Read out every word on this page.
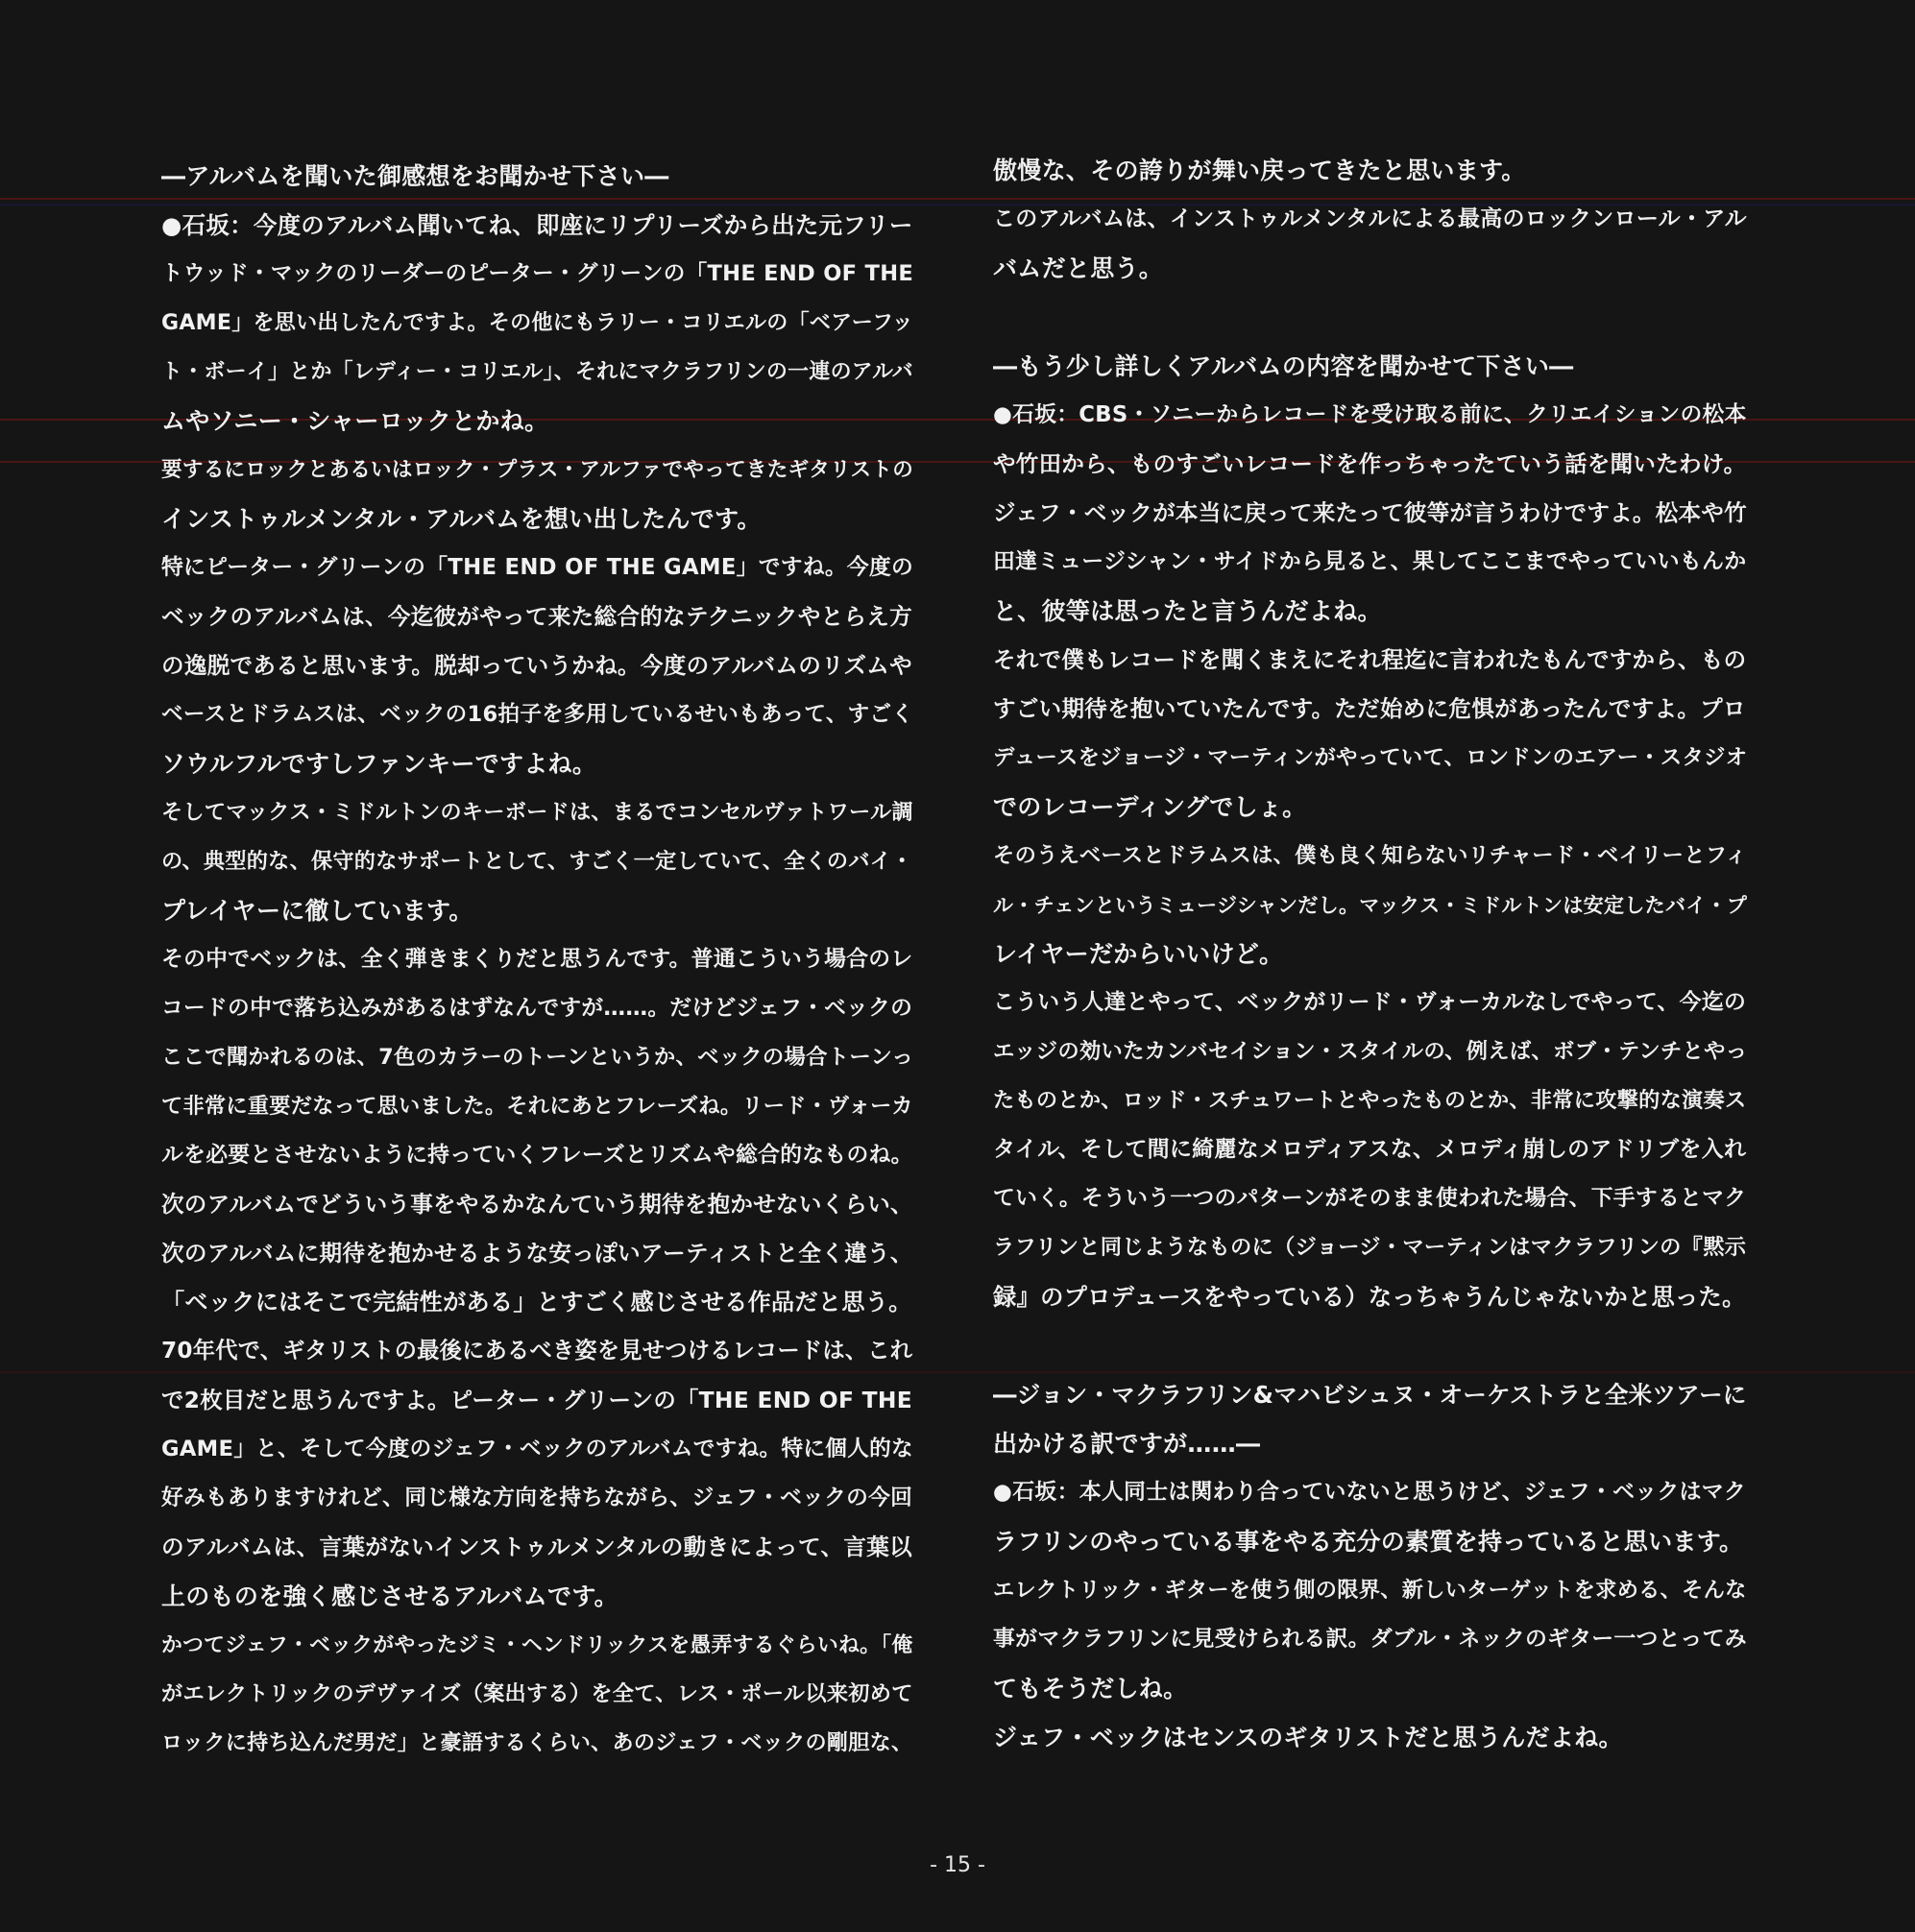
―アルバムを聞いた御感想をお聞かせ下さい―
●石坂：今度のアルバム聞いてね、即座にリプリーズから出た元フリー
トウッド・マックのリーダーのピーター・グリーンの「THE END OF THE
GAME」を思い出したんですよ。その他にもラリー・コリエルの「ベアーフッ
ト・ボーイ」とか「レディー・コリエル」、それにマクラフリンの一連のアルバ
ムやソニー・シャーロックとかね。
要するにロックとあるいはロック・プラス・アルファでやってきたギタリストの
インストゥルメンタル・アルバムを想い出したんです。
特にピーター・グリーンの「THE END OF THE GAME」ですね。今度の
ベックのアルバムは、今迄彼がやって来た総合的なテクニックやとらえ方
の逸脱であると思います。脱却っていうかね。今度のアルバムのリズムや
ベースとドラムスは、ベックの16拍子を多用しているせいもあって、すごく
ソウルフルですしファンキーですよね。
そしてマックス・ミドルトンのキーボードは、まるでコンセルヴァトワール調
の、典型的な、保守的なサポートとして、すごく一定していて、全くのバイ・
プレイヤーに徹しています。
その中でベックは、全く弾きまくりだと思うんです。普通こういう場合のレ
コードの中で落ち込みがあるはずなんですが……。だけどジェフ・ベックの
ここで聞かれるのは、7色のカラーのトーンというか、ベックの場合トーンっ
て非常に重要だなって思いました。それにあとフレーズね。リード・ヴォーカ
ルを必要とさせないように持っていくフレーズとリズムや総合的なものね。
次のアルバムでどういう事をやるかなんていう期待を抱かせないくらい、
次のアルバムに期待を抱かせるような安っぽいアーティストと全く違う、
「ベックにはそこで完結性がある」とすごく感じさせる作品だと思う。
70年代で、ギタリストの最後にあるべき姿を見せつけるレコードは、これ
で2枚目だと思うんですよ。ピーター・グリーンの「THE END OF THE
GAME」と、そして今度のジェフ・ベックのアルバムですね。特に個人的な
好みもありますけれど、同じ様な方向を持ちながら、ジェフ・ベックの今回
のアルバムは、言葉がないインストゥルメンタルの動きによって、言葉以
上のものを強く感じさせるアルバムです。
かつてジェフ・ベックがやったジミ・ヘンドリックスを愚弄するぐらいね。「俺
がエレクトリックのデヴァイズ（案出する）を全て、レス・ポール以来初めて
ロックに持ち込んだ男だ」と豪語するくらい、あのジェフ・ベックの剛胆な、
傲慢な、その誇りが舞い戻ってきたと思います。
このアルバムは、インストゥルメンタルによる最高のロックンロール・アル
バムだと思う。
―もう少し詳しくアルバムの内容を聞かせて下さい―
●石坂：CBS・ソニーからレコードを受け取る前に、クリエイションの松本
や竹田から、ものすごいレコードを作っちゃったていう話を聞いたわけ。
ジェフ・ベックが本当に戻って来たって彼等が言うわけですよ。松本や竹
田達ミュージシャン・サイドから見ると、果してここまでやっていいもんか
と、彼等は思ったと言うんだよね。
それで僕もレコードを聞くまえにそれ程迄に言われたもんですから、もの
すごい期待を抱いていたんです。ただ始めに危惧があったんですよ。プロ
デュースをジョージ・マーティンがやっていて、ロンドンのエアー・スタジオ
でのレコーディングでしょ。
そのうえベースとドラムスは、僕も良く知らないリチャード・ベイリーとフィ
ル・チェンというミュージシャンだし。マックス・ミドルトンは安定したバイ・プ
レイヤーだからいいけど。
こういう人達とやって、ベックがリード・ヴォーカルなしでやって、今迄の
エッジの効いたカンバセイション・スタイルの、例えば、ボブ・テンチとやっ
たものとか、ロッド・スチュワートとやったものとか、非常に攻撃的な演奏ス
タイル、そして間に綺麗なメロディアスな、メロディ崩しのアドリブを入れ
ていく。そういう一つのパターンがそのまま使われた場合、下手するとマク
ラフリンと同じようなものに（ジョージ・マーティンはマクラフリンの『黙示
録』のプロデュースをやっている）なっちゃうんじゃないかと思った。
―ジョン・マクラフリン&マハビシュヌ・オーケストラと全米ツアーに
出かける訳ですが……―
●石坂：本人同士は関わり合っていないと思うけど、ジェフ・ベックはマク
ラフリンのやっている事をやる充分の素質を持っていると思います。
エレクトリック・ギターを使う側の限界、新しいターゲットを求める、そんな
事がマクラフリンに見受けられる訳。ダブル・ネックのギター一つとってみ
てもそうだしね。
ジェフ・ベックはセンスのギタリストだと思うんだよね。
- 15 -
